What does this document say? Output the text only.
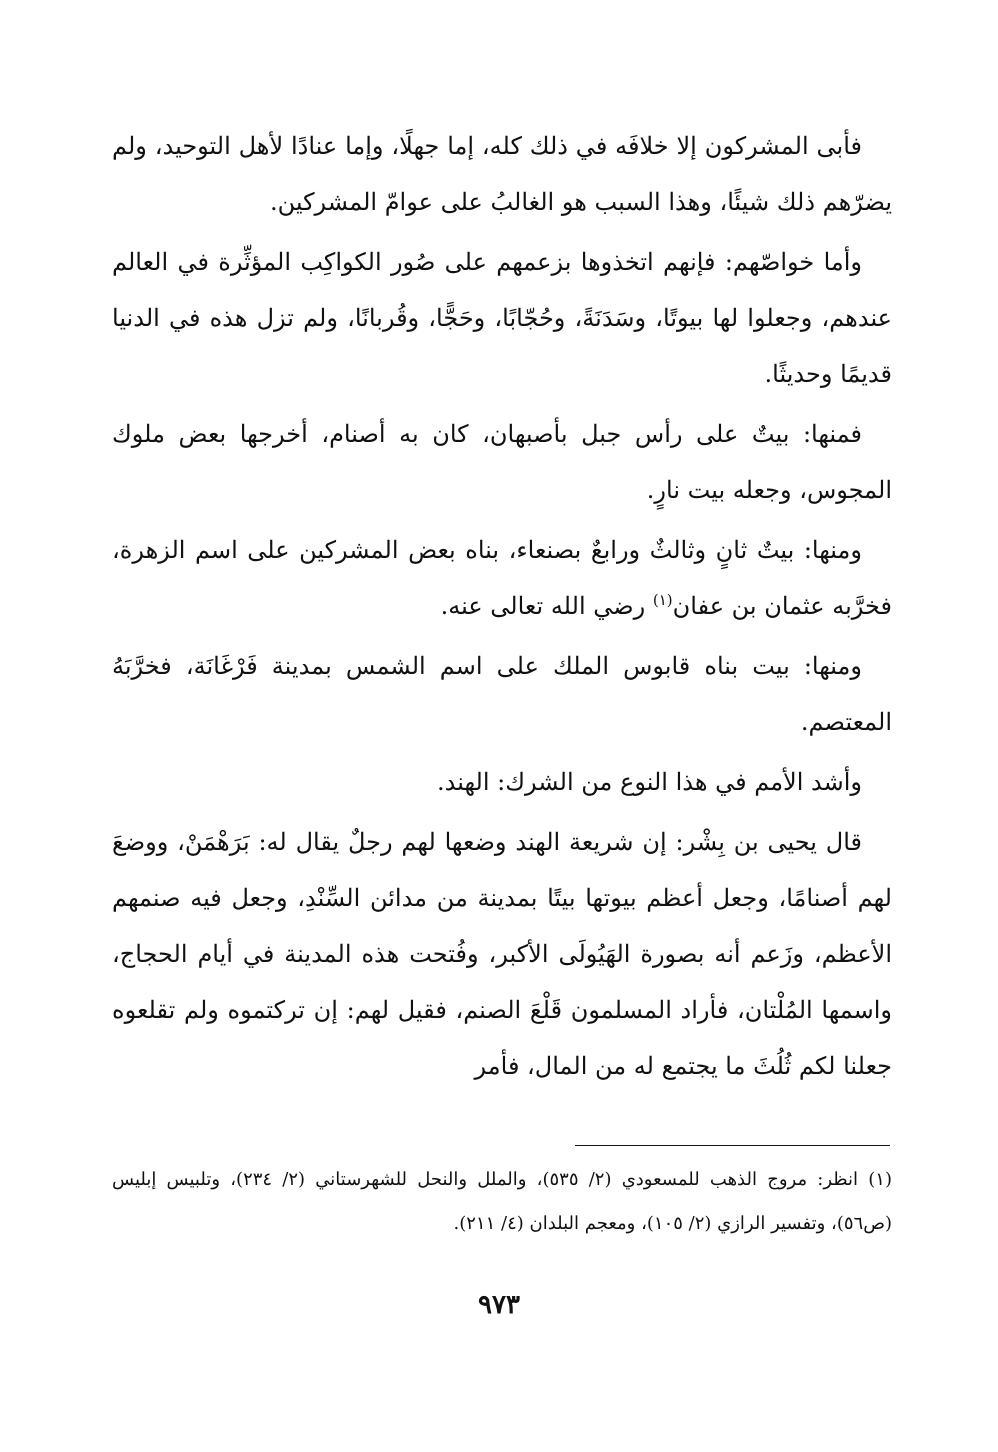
فأبى المشركون إلا خلافَه في ذلك كله، إما جهلًا، وإما عنادًا لأهل التوحيد، ولم يضرّهم ذلك شيئًا، وهذا السبب هو الغالبُ على عوامّ المشركين.

وأما خواصّهم: فإنهم اتخذوها بزعمهم على صُور الكواكِب المؤثِّرة في العالم عندهم، وجعلوا لها بيوتًا، وسَدَنَةً، وحُجّابًا، وحَجًّا، وقُربانًا، ولم تزل هذه في الدنيا قديمًا وحديثًا.

فمنها: بيتٌ على رأس جبل بأصبهان، كان به أصنام، أخرجها بعض ملوك المجوس، وجعله بيت نارٍ.

ومنها: بيتٌ ثانٍ وثالثٌ ورابعٌ بصنعاء، بناه بعض المشركين على اسم الزهرة، فخرَّبه عثمان بن عفان$^{(١)}$ رضي الله تعالى عنه.

ومنها: بيت بناه قابوس الملك على اسم الشمس بمدينة فَرْغَانَة، فخرَّبَهُ المعتصم.

وأشد الأمم في هذا النوع من الشرك: الهند.

قال يحيى بن بِشْر: إن شريعة الهند وضعها لهم رجلٌ يقال له: بَرَهْمَنْ، ووضعَ لهم أصنامًا، وجعل أعظم بيوتها بيتًا بمدينة من مدائن السِّنْدِ، وجعل فيه صنمهم الأعظم، وزَعم أنه بصورة الهَيُولَى الأكبر، وفُتحت هذه المدينة في أيام الحجاج، واسمها المُلْتان، فأراد المسلمون قَلْعَ الصنم، فقيل لهم: إن تركتموه ولم تقلعوه جعلنا لكم ثُلُثَ ما يجتمع له من المال، فأمر

(١) انظر: مروج الذهب للمسعودي (٢/ ٥٣٥)، والملل والنحل للشهرستاني (٢/ ٢٣٤)، وتلبيس إبليس (ص٥٦)، وتفسير الرازي (٢/ ١٠٥)، ومعجم البلدان (٤/ ٢١١).

٩٧٣
